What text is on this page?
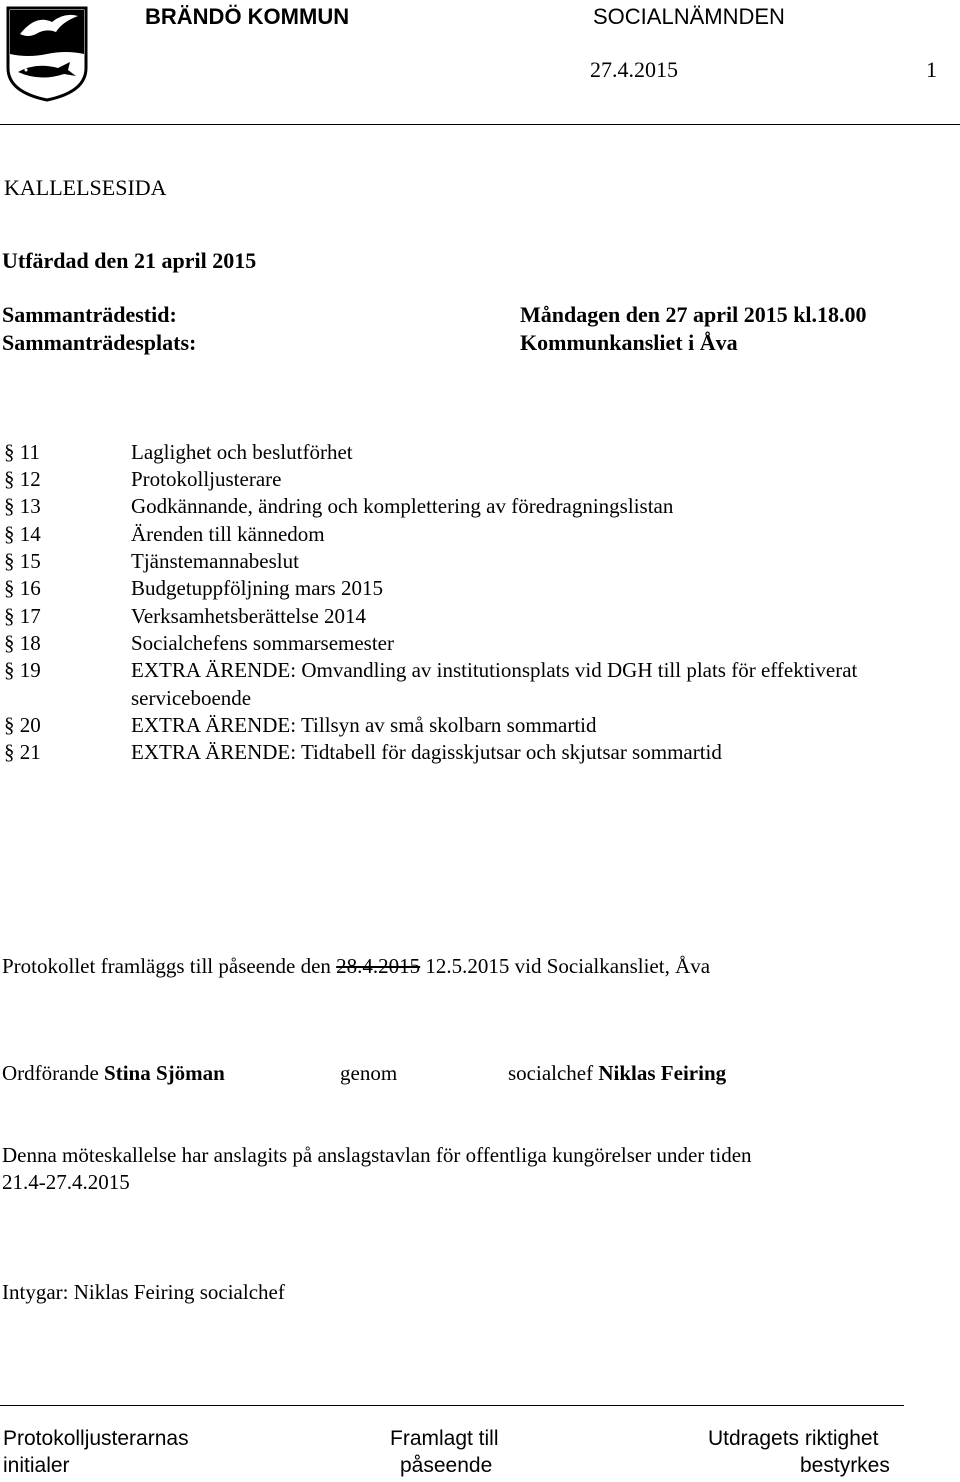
BRÄNDÖ KOMMUN	SOCIALNÄMNDEN
27.4.2015	1
KALLELSESIDA
Utfärdad den 21 april 2015
Sammanträdestid:	Måndagen den 27 april 2015 kl.18.00
Sammanträdesplats:	Kommunkansliet i Åva
§ 11	Laglighet och beslutförhet
§ 12	Protokolljusterare
§ 13	Godkännande, ändring och komplettering av föredragningslistan
§ 14	Ärenden till kännedom
§ 15	Tjänstemannabeslut
§ 16	Budgetuppföljning mars 2015
§ 17	Verksamhetsberättelse 2014
§ 18	Socialchefens sommarsemester
§ 19	EXTRA ÄRENDE: Omvandling av institutionsplats vid DGH till plats för effektiverat
serviceboende
§ 20	EXTRA ÄRENDE: Tillsyn av små skolbarn sommartid
§ 21	EXTRA ÄRENDE: Tidtabell för dagisskjutsar och skjutsar sommartid
Protokollet framläggs till påseende den 28.4.2015 12.5.2015 vid Socialkansliet, Åva
Ordförande Stina Sjöman	genom	socialchef Niklas Feiring
Denna möteskallelse har anslagits på anslagstavlan för offentliga kungörelser under tiden
21.4-27.4.2015
Intygar: Niklas Feiring socialchef
Protokolljusterarnas
initialer
Framlagt till
påseende
Utdragets riktighet
bestyrkes
